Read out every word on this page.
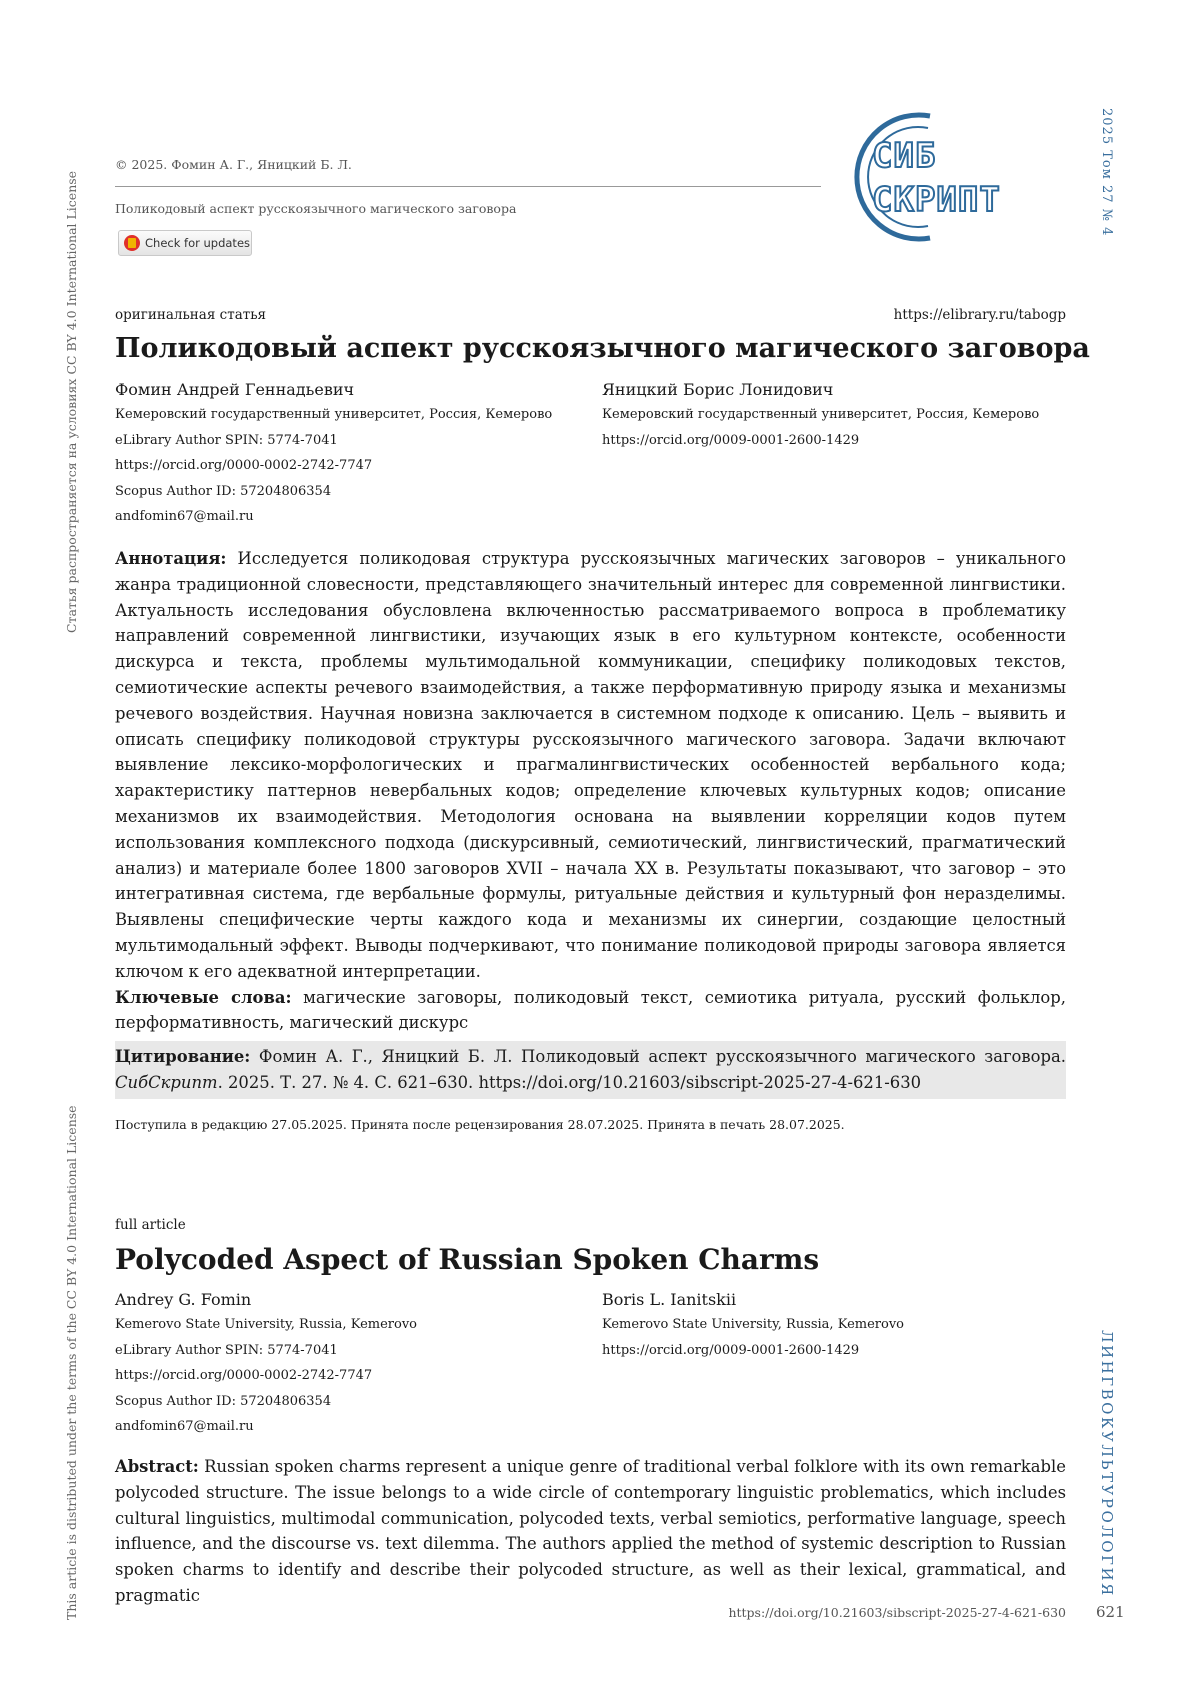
Статья распространяется на условиях CC BY 4.0 International License
This article is distributed under the terms of the CC BY 4.0 International License
2025 Том 27 № 4
ЛИНГВОКУЛЬТУРОЛОГИЯ
© 2025. Фомин А. Г., Яницкий Б. Л.
Поликодовый аспект русскоязычного магического заговора
Check for updates
СИБ
СКРИПТ
оригинальная статья	https://elibrary.ru/tabogp
Поликодовый аспект русскоязычного магического заговора
Фомин Андрей Геннадьевич
Кемеровский государственный университет, Россия, Кемерово
eLibrary Author SPIN: 5774-7041
https://orcid.org/0000-0002-2742-7747
Scopus Author ID: 57204806354
andfomin67@mail.ru
Яницкий Борис Лонидович
Кемеровский государственный университет, Россия, Кемерово
https://orcid.org/0009-0001-2600-1429
Аннотация: Исследуется поликодовая структура русскоязычных магических заговоров – уникального жанра традиционной словесности, представляющего значительный интерес для современной лингвистики. Актуальность исследования обусловлена включенностью рассматриваемого вопроса в проблематику направлений современной лингвистики, изучающих язык в его культурном контексте, особенности дискурса и текста, проблемы мультимодальной коммуникации, специфику поликодовых текстов, семиотические аспекты речевого взаимодействия, а также перформативную природу языка и механизмы речевого воздействия. Научная новизна заключается в системном подходе к описанию. Цель – выявить и описать специфику поликодовой структуры русскоязычного магического заговора. Задачи включают выявление лексико-морфологических и прагмалингвистических особенностей вербального кода; характеристику паттернов невербальных кодов; определение ключевых культурных кодов; описание механизмов их взаимодействия. Методология основана на выявлении корреляции кодов путем использования комплексного подхода (дискурсивный, семиотический, лингвистический, прагматический анализ) и материале более 1800 заговоров XVII – начала XX в. Результаты показывают, что заговор – это интегративная система, где вербальные формулы, ритуальные действия и культурный фон неразделимы. Выявлены специфические черты каждого кода и механизмы их синергии, создающие целостный мультимодальный эффект. Выводы подчеркивают, что понимание поликодовой природы заговора является ключом к его адекватной интерпретации.
Ключевые слова: магические заговоры, поликодовый текст, семиотика ритуала, русский фольклор, перформативность, магический дискурс
Цитирование: Фомин А. Г., Яницкий Б. Л. Поликодовый аспект русскоязычного магического заговора. СибСкрипт. 2025. Т. 27. № 4. С. 621–630. https://doi.org/10.21603/sibscript-2025-27-4-621-630
Поступила в редакцию 27.05.2025. Принята после рецензирования 28.07.2025. Принята в печать 28.07.2025.
full article
Polycoded Aspect of Russian Spoken Charms
Andrey G. Fomin
Kemerovo State University, Russia, Kemerovo
eLibrary Author SPIN: 5774-7041
https://orcid.org/0000-0002-2742-7747
Scopus Author ID: 57204806354
andfomin67@mail.ru
Boris L. Ianitskii
Kemerovo State University, Russia, Kemerovo
https://orcid.org/0009-0001-2600-1429
Abstract: Russian spoken charms represent a unique genre of traditional verbal folklore with its own remarkable polycoded structure. The issue belongs to a wide circle of contemporary linguistic problematics, which includes cultural linguistics, multimodal communication, polycoded texts, verbal semiotics, performative language, speech influence, and the discourse vs. text dilemma. The authors applied the method of systemic description to Russian spoken charms to identify and describe their polycoded structure, as well as their lexical, grammatical, and pragmatic
https://doi.org/10.21603/sibscript-2025-27-4-621-630 621
